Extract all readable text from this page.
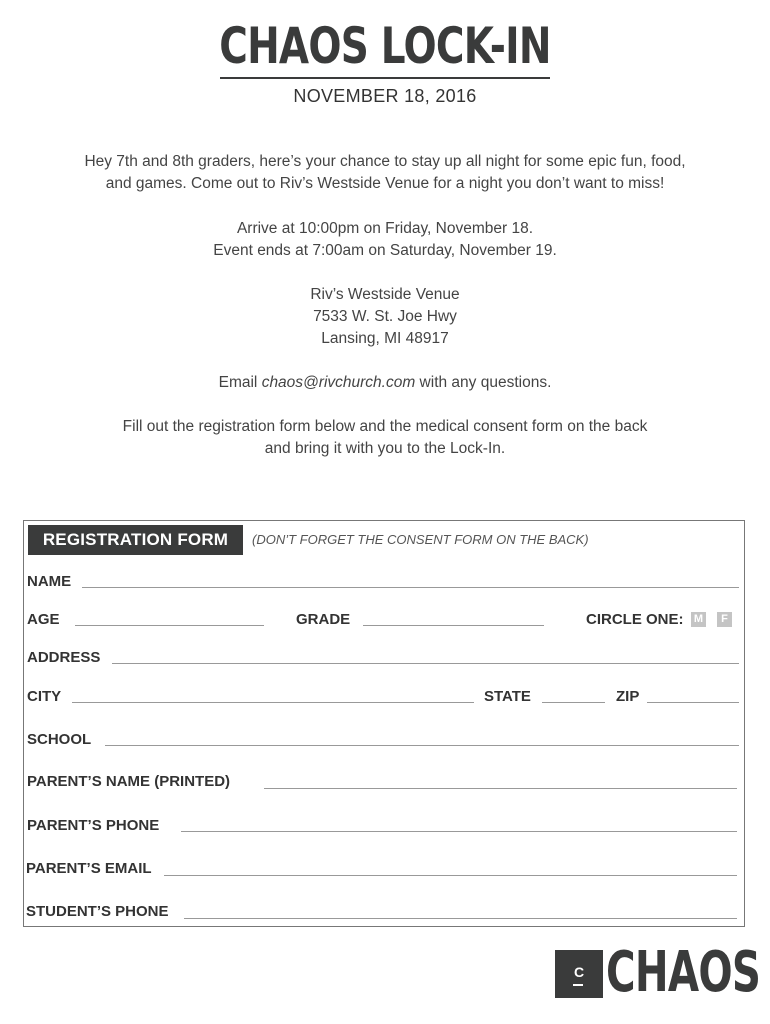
CHAOS LOCK-IN
NOVEMBER 18, 2016

Hey 7th and 8th graders, here’s your chance to stay up all night for some epic fun, food,

and games. Come out to Riv’s Westside Venue for a night you don’t want to miss!

Arrive at 10:00pm on Friday, November 18.

Event ends at 7:00am on Saturday, November 19.

Riv’s Westside Venue

7533 W. St. Joe Hwy

Lansing, MI 48917

Email chaos@rivchurch.com with any questions.

Fill out the registration form below and the medical consent form on the back

and bring it with you to the Lock-In.

REGISTRATION FORM	(DON’T FORGET THE CONSENT FORM ON THE BACK)
NAME
AGE	GRADE	CIRCLE ONE: M	F
ADDRESS
CITY	STATE	ZIP
SCHOOL
PARENT’S NAME (PRINTED)
PARENT’S PHONE
PARENT’S EMAIL
STUDENT’S PHONE
C CHAOS
